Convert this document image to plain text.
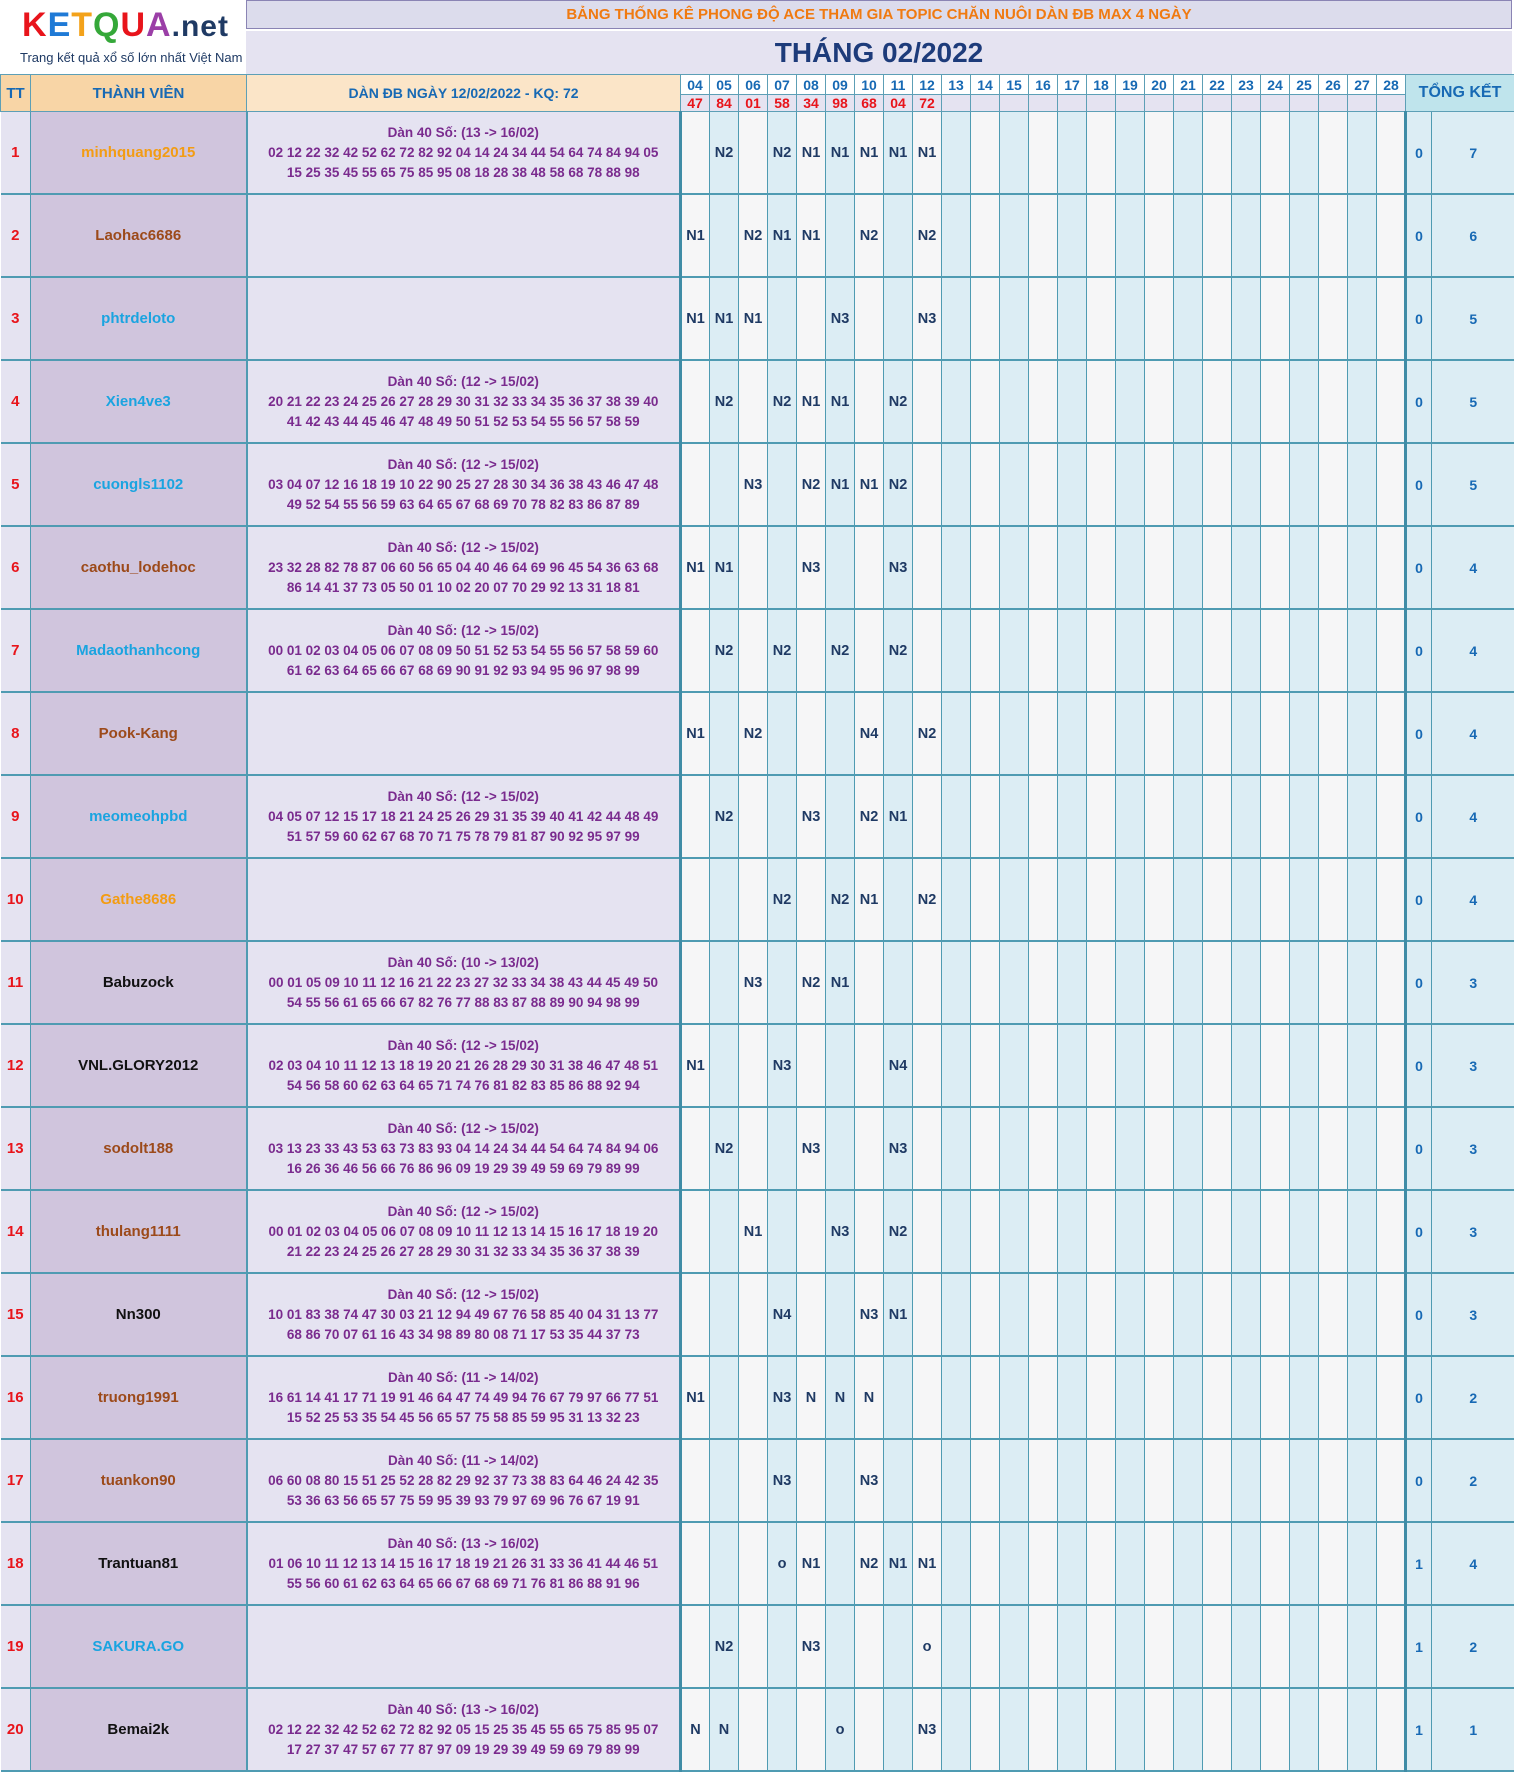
KETQUA.net
Trang kết quả xổ số lớn nhất Việt Nam
BẢNG THỐNG KÊ PHONG ĐỘ ACE THAM GIA TOPIC CHĂN NUÔI DÀN ĐB MAX 4 NGÀY
THÁNG 02/2022
TT	THÀNH VIÊN	DÀN ĐB NGÀY 12/02/2022 - KQ: 72	04	05	06	07	08	09	10	11	12	13	14	15	16	17	18	19	20	21	22	23	24	25	26	27	28	TỔNG KẾT	
			47	84	01	58	34	98	68	04	72																		
1	minhquang2015	Dàn 40 Số: (13 -> 16/02)
02 12 22 32 42 52 62 72 82 92 04 14 24 34 44 54 64 74 84 94 05
15 25 35 45 55 65 75 85 95 08 18 28 38 48 58 68 78 88 98		N2		N2	N1	N1	N1	N1	N1																	0	7
2	Laohac6686		N1		N2	N1	N1		N2		N2																	0	6
3	phtrdeloto		N1	N1	N1			N3			N3																	0	5
4	Xien4ve3	Dàn 40 Số: (12 -> 15/02)
20 21 22 23 24 25 26 27 28 29 30 31 32 33 34 35 36 37 38 39 40
41 42 43 44 45 46 47 48 49 50 51 52 53 54 55 56 57 58 59		N2		N2	N1	N1		N2																		0	5
5	cuongls1102	Dàn 40 Số: (12 -> 15/02)
03 04 07 12 16 18 19 10 22 90 25 27 28 30 34 36 38 43 46 47 48
49 52 54 55 56 59 63 64 65 67 68 69 70 78 82 83 86 87 89			N3		N2	N1	N1	N2																		0	5
6	caothu_lodehoc	Dàn 40 Số: (12 -> 15/02)
23 32 28 82 78 87 06 60 56 65 04 40 46 64 69 96 45 54 36 63 68
86 14 41 37 73 05 50 01 10 02 20 07 70 29 92 13 31 18 81	N1	N1			N3			N3																		0	4
7	Madaothanhcong	Dàn 40 Số: (12 -> 15/02)
00 01 02 03 04 05 06 07 08 09 50 51 52 53 54 55 56 57 58 59 60
61 62 63 64 65 66 67 68 69 90 91 92 93 94 95 96 97 98 99		N2		N2		N2		N2																		0	4
8	Pook-Kang		N1		N2				N4		N2																	0	4
9	meomeohpbd	Dàn 40 Số: (12 -> 15/02)
04 05 07 12 15 17 18 21 24 25 26 29 31 35 39 40 41 42 44 48 49
51 57 59 60 62 67 68 70 71 75 78 79 81 87 90 92 95 97 99		N2			N3		N2	N1																		0	4
10	Gathe8686					N2		N2	N1		N2																	0	4
11	Babuzock	Dàn 40 Số: (10 -> 13/02)
00 01 05 09 10 11 12 16 21 22 23 27 32 33 34 38 43 44 45 49 50
54 55 56 61 65 66 67 82 76 77 88 83 87 88 89 90 94 98 99			N3		N2	N1																				0	3
12	VNL.GLORY2012	Dàn 40 Số: (12 -> 15/02)
02 03 04 10 11 12 13 18 19 20 21 26 28 29 30 31 38 46 47 48 51
54 56 58 60 62 63 64 65 71 74 76 81 82 83 85 86 88 92 94	N1			N3				N4																		0	3
13	sodolt188	Dàn 40 Số: (12 -> 15/02)
03 13 23 33 43 53 63 73 83 93 04 14 24 34 44 54 64 74 84 94 06
16 26 36 46 56 66 76 86 96 09 19 29 39 49 59 69 79 89 99		N2			N3			N3																		0	3
14	thulang1111	Dàn 40 Số: (12 -> 15/02)
00 01 02 03 04 05 06 07 08 09 10 11 12 13 14 15 16 17 18 19 20
21 22 23 24 25 26 27 28 29 30 31 32 33 34 35 36 37 38 39			N1			N3		N2																		0	3
15	Nn300	Dàn 40 Số: (12 -> 15/02)
10 01 83 38 74 47 30 03 21 12 94 49 67 76 58 85 40 04 31 13 77
68 86 70 07 61 16 43 34 98 89 80 08 71 17 53 35 44 37 73				N4			N3	N1																		0	3
16	truong1991	Dàn 40 Số: (11 -> 14/02)
16 61 14 41 17 71 19 91 46 64 47 74 49 94 76 67 79 97 66 77 51
15 52 25 53 35 54 45 56 65 57 75 58 85 59 95 31 13 32 23	N1			N3	N	N	N																			0	2
17	tuankon90	Dàn 40 Số: (11 -> 14/02)
06 60 08 80 15 51 25 52 28 82 29 92 37 73 38 83 64 46 24 42 35
53 36 63 56 65 57 75 59 95 39 93 79 97 69 96 76 67 19 91				N3			N3																			0	2
18	Trantuan81	Dàn 40 Số: (13 -> 16/02)
01 06 10 11 12 13 14 15 16 17 18 19 21 26 31 33 36 41 44 46 51
55 56 60 61 62 63 64 65 66 67 68 69 71 76 81 86 88 91 96				o	N1		N2	N1	N1																	1	4
19	SAKURA.GO			N2			N3				o																	1	2
20	Bemai2k	Dàn 40 Số: (13 -> 16/02)
02 12 22 32 42 52 62 72 82 92 05 15 25 35 45 55 65 75 85 95 07
17 27 37 47 57 67 77 87 97 09 19 29 39 49 59 69 79 89 99	N	N				o			N3																	1	1
